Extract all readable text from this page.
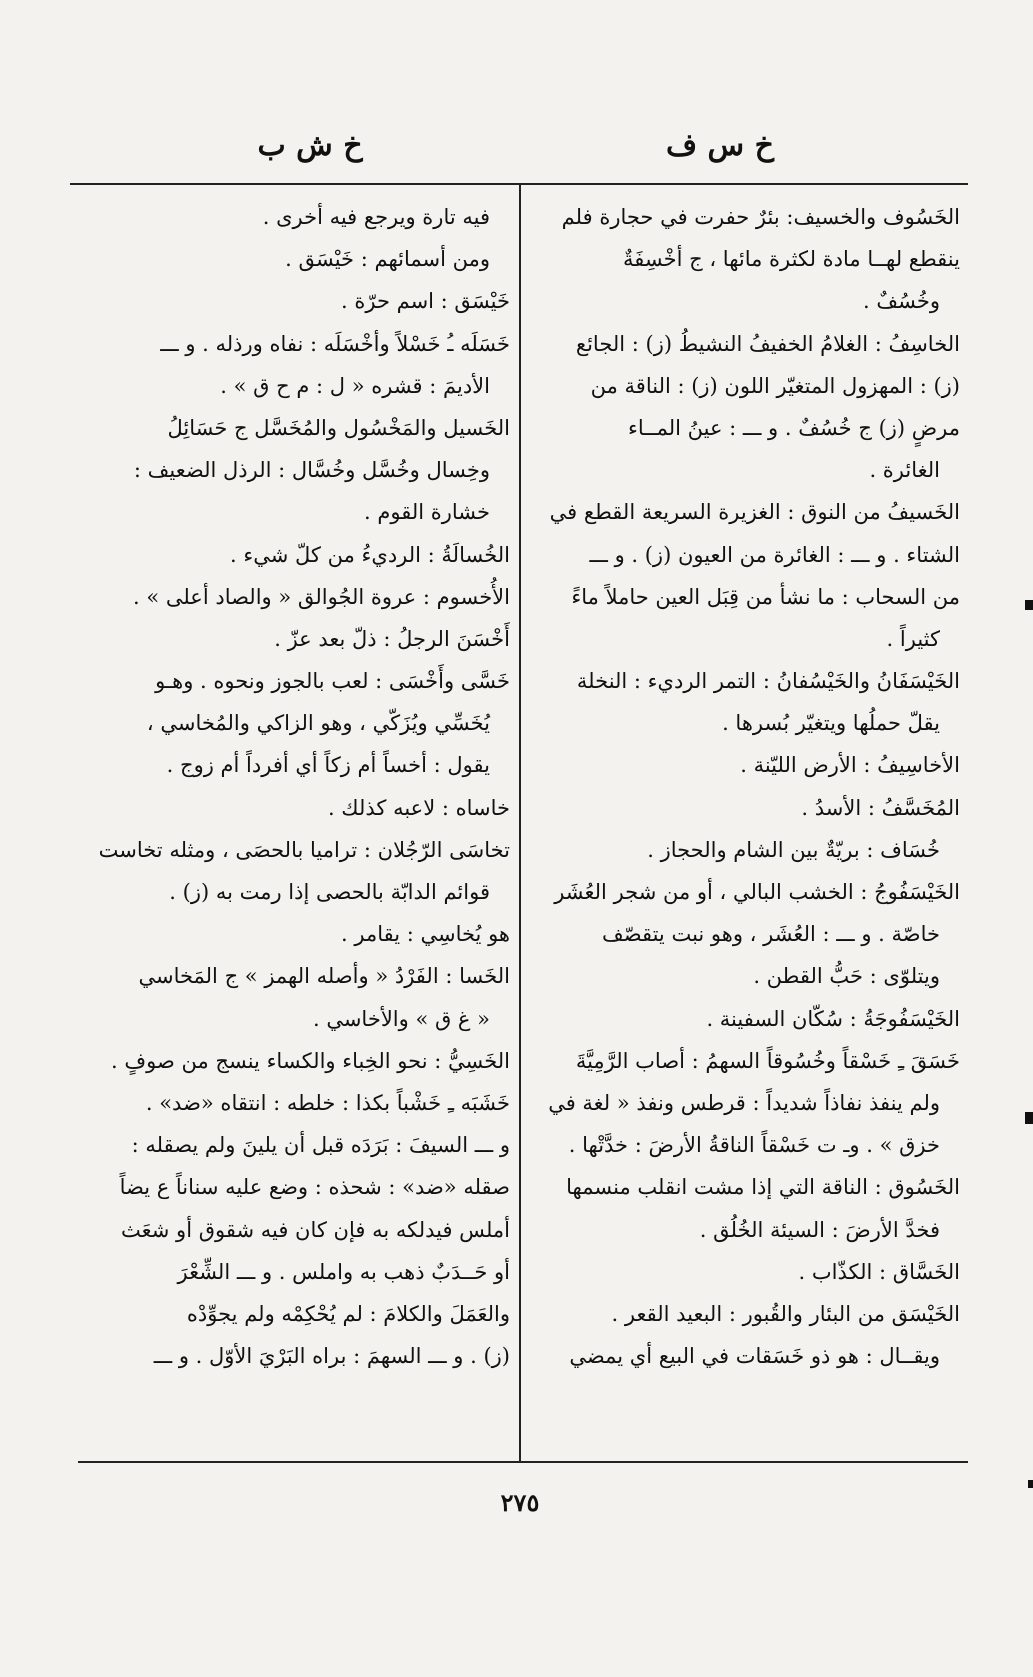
خ س ف
خ ش ب
الخَسُوف والخسيف: بئرٌ حفرت في حجارة فلم
ينقطع لهــا مادة لكثرة مائها ، ج أخْسِفَةٌ
وخُسُفٌ .
الخاسِفُ : الغلامُ الخفيفُ النشيطُ (ز) : الجائع
(ز) : المهزول المتغيّر اللون (ز) : الناقة من
مرضٍ (ز) ج خُسُفٌ . و ـــ : عينُ المــاء
الغائرة .
الخَسيفُ من النوق : الغزيرة السريعة القطع في
الشتاء . و ـــ : الغائرة من العيون (ز) . و ـــ
من السحاب : ما نشأ من قِبَل العين حاملاً ماءً
كثيراً .
الخَيْسَفَانُ والخَيْسُفانُ : التمر الرديء : النخلة
يقلّ حملُها ويتغيّر بُسرها .
الأخاسِيفُ : الأرض الليّنة .
المُخَسَّفُ : الأسدُ .
خُسَاف : بريّةٌ بين الشام والحجاز .
الخَيْسَفُوجُ : الخشب البالي ، أو من شجر العُشَر
خاصّة . و ـــ : العُشَر ، وهو نبت يتقصّف
ويتلوّى : حَبُّ القطن .
الخَيْسَفُوجَةُ : سُكّان السفينة .
خَسَقَ ـِ خَسْقاً وخُسُوقاً السهمُ : أصاب الرَّمِيَّةَ
ولم ينفذ نفاذاً شديداً : قرطس ونفذ « لغة في
خزق » . وـ ت خَسْقاً الناقةُ الأرضَ : خدَّتْها .
الخَسُوق : الناقة التي إذا مشت انقلب منسمها
فخدَّ الأرضَ : السيئة الخُلُق .
الخَسَّاق : الكذّاب .
الخَيْسَق من البئار والقُبور : البعيد القعر .
ويقــال : هو ذو خَسَقات في البيع أي يمضي
فيه تارة ويرجع فيه أخرى .
ومن أسمائهم : خَيْسَق .
خَيْسَق : اسم حرّة .
خَسَلَه ـُ خَسْلاً وأخْسَلَه : نفاه ورذله . و ـــ
الأديمَ : قشره « ل : م ح ق » .
الخَسيل والمَخْسُول والمُخَسَّل ج حَسَائِلُ
وخِسال وخُسَّل وخُسَّال : الرذل الضعيف :
خشارة القوم .
الخُسالَةُ : الرديءُ من كلّ شيء .
الأُخسوم : عروة الجُوالق « والصاد أعلى » .
أَخْسَنَ الرجلُ : ذلّ بعد عزّ .
خَسَّى وأَخْسَى : لعب بالجوز ونحوه . وهـو
يُخَسِّي ويُزَكّي ، وهو الزاكي والمُخاسي ،
يقول : أخساً أم زكاً أي أفرداً أم زوج .
خاساه : لاعبه كذلك .
تخاسَى الرّجُلان : تراميا بالحصَى ، ومثله تخاست
قوائم الدابّة بالحصى إذا رمت به (ز) .
هو يُخاسِي : يقامر .
الخَسا : الفَرْدُ « وأصله الهمز » ج المَخاسي
« غ ق » والأخاسي .
الخَسِيُّ : نحو الخِباء والكساء ينسج من صوفٍ .
خَشَبَه ـِ خَشْباً بكذا : خلطه : انتقاه «ضد» .
و ـــ السيفَ : بَرَدَه قبل أن يلينَ ولم يصقله :
صقله «ضد» : شحذه : وضع عليه سناناً ع يضاً
أملس فيدلكه به فإن كان فيه شقوق أو شعَث
أو حَــدَبٌ ذهب به واملس . و ـــ الشِّعْرَ
والعَمَلَ والكلامَ : لم يُحْكِمْه ولم يجوِّدْه
(ز) . و ـــ السهمَ : براه البَرْيَ الأوّل . و ـــ
٢٧٥
